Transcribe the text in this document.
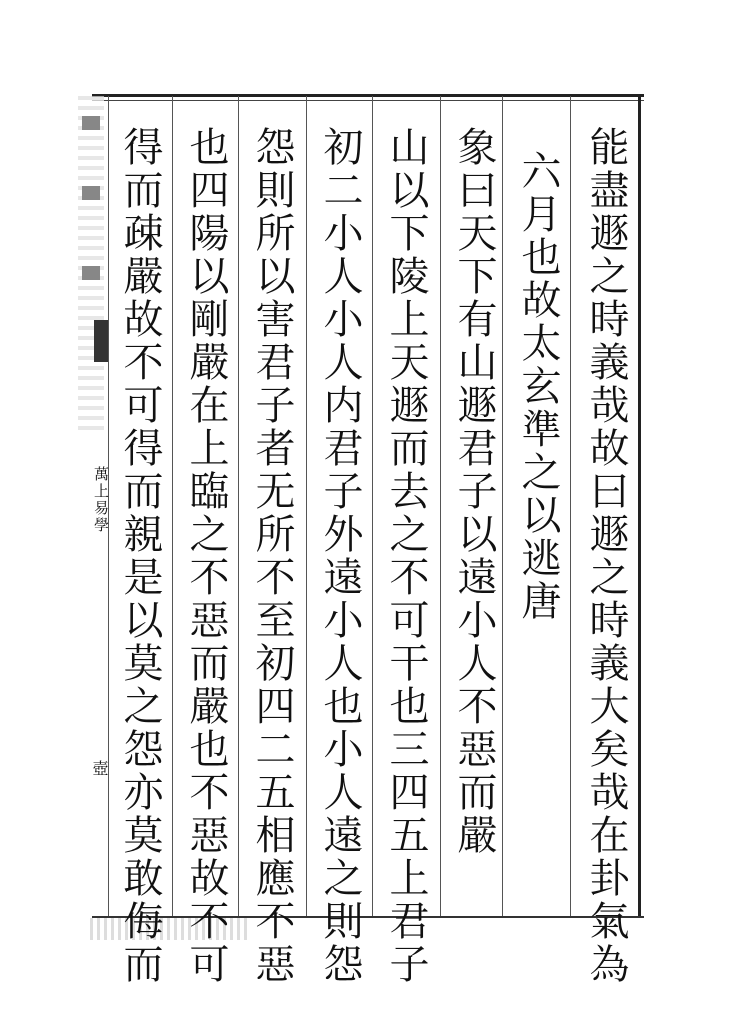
能盡遯之時義哉故曰遯之時義大矣哉在卦氣為
六月也故太玄準之以逃唐
象曰天下有山遯君子以遠小人不惡而嚴
山以下陵上天遯而去之不可干也三四五上君子
初二小人小人内君子外遠小人也小人遠之則怨
怨則所以害君子者无所不至初四二五相應不惡
也四陽以剛嚴在上臨之不惡而嚴也不惡故不可
得而疎嚴故不可得而親是以莫之怨亦莫敢侮而
萬上易學
壺
